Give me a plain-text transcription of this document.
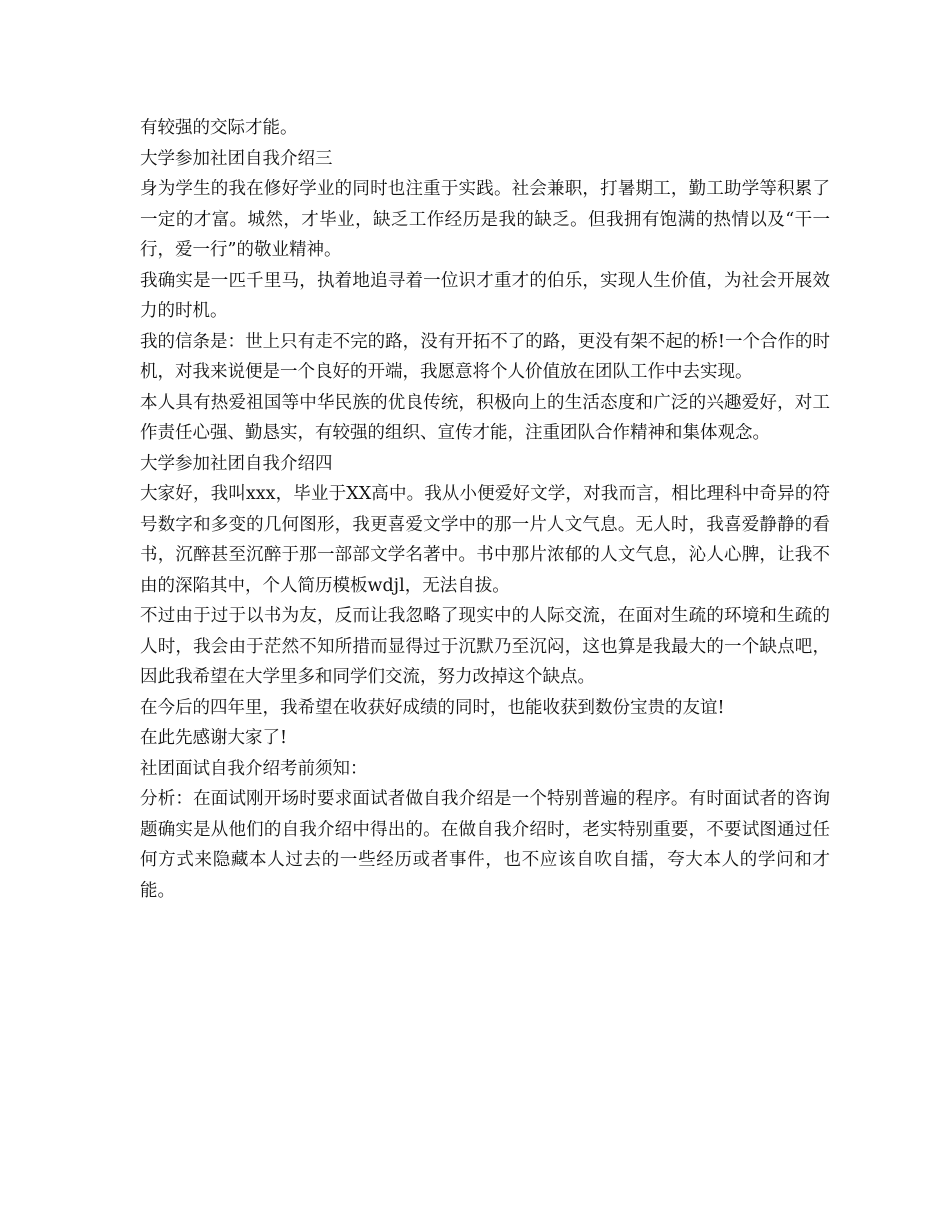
有较强的交际才能。

大学参加社团自我介绍三

身为学生的我在修好学业的同时也注重于实践。社会兼职，打暑期工，勤工助学等积累了一定的才富。城然，才毕业，缺乏工作经历是我的缺乏。但我拥有饱满的热情以及“干一行，爱一行”的敬业精神。

我确实是一匹千里马，执着地追寻着一位识才重才的伯乐，实现人生价值，为社会开展效力的时机。

我的信条是：世上只有走不完的路，没有开拓不了的路，更没有架不起的桥!一个合作的时机，对我来说便是一个良好的开端，我愿意将个人价值放在团队工作中去实现。

本人具有热爱祖国等中华民族的优良传统，积极向上的生活态度和广泛的兴趣爱好，对工作责任心强、勤恳实，有较强的组织、宣传才能，注重团队合作精神和集体观念。

大学参加社团自我介绍四

大家好，我叫xxx，毕业于XX高中。我从小便爱好文学，对我而言，相比理科中奇异的符号数字和多变的几何图形，我更喜爱文学中的那一片人文气息。无人时，我喜爱静静的看书，沉醉甚至沉醉于那一部部文学名著中。书中那片浓郁的人文气息，沁人心脾，让我不由的深陷其中，个人简历模板wdjl，无法自拔。

不过由于过于以书为友，反而让我忽略了现实中的人际交流，在面对生疏的环境和生疏的人时，我会由于茫然不知所措而显得过于沉默乃至沉闷，这也算是我最大的一个缺点吧，因此我希望在大学里多和同学们交流，努力改掉这个缺点。

在今后的四年里，我希望在收获好成绩的同时，也能收获到数份宝贵的友谊!

在此先感谢大家了!

社团面试自我介绍考前须知：

分析：在面试刚开场时要求面试者做自我介绍是一个特别普遍的程序。有时面试者的咨询题确实是从他们的自我介绍中得出的。在做自我介绍时，老实特别重要，不要试图通过任何方式来隐藏本人过去的一些经历或者事件，也不应该自吹自擂，夸大本人的学问和才能。
